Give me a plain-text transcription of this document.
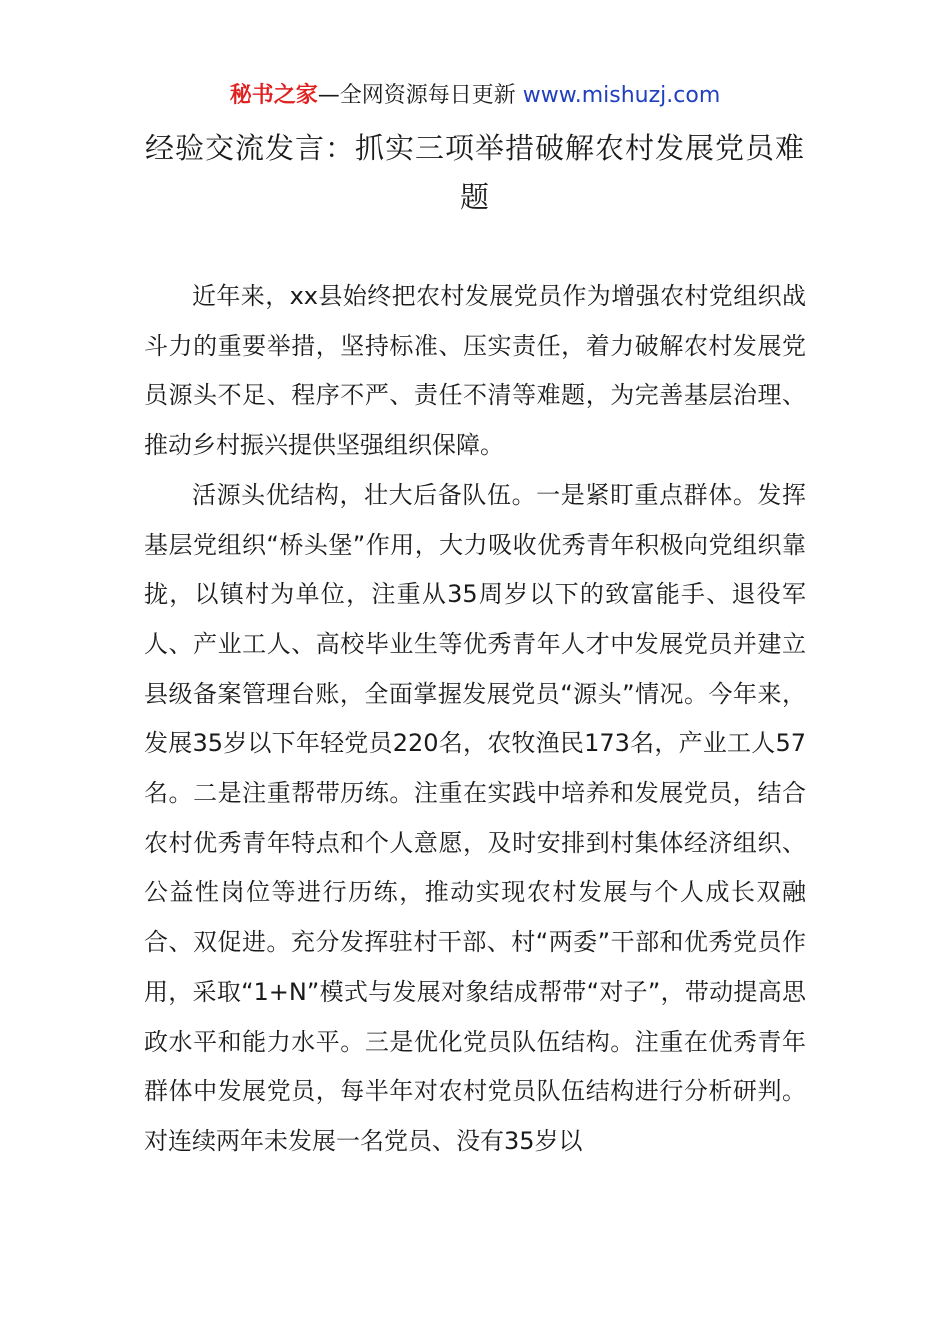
秘书之家—全网资源每日更新 www.mishuzj.com
经验交流发言：抓实三项举措破解农村发展党员难题

近年来，xx县始终把农村发展党员作为增强农村党组织战斗力的重要举措，坚持标准、压实责任，着力破解农村发展党员源头不足、程序不严、责任不清等难题，为完善基层治理、推动乡村振兴提供坚强组织保障。

活源头优结构，壮大后备队伍。一是紧盯重点群体。发挥基层党组织“桥头堡”作用，大力吸收优秀青年积极向党组织靠拢，以镇村为单位，注重从35周岁以下的致富能手、退役军人、产业工人、高校毕业生等优秀青年人才中发展党员并建立县级备案管理台账，全面掌握发展党员“源头”情况。今年来，发展35岁以下年轻党员220名，农牧渔民173名，产业工人57名。二是注重帮带历练。注重在实践中培养和发展党员，结合农村优秀青年特点和个人意愿，及时安排到村集体经济组织、公益性岗位等进行历练，推动实现农村发展与个人成长双融合、双促进。充分发挥驻村干部、村“两委”干部和优秀党员作用，采取“1+N”模式与发展对象结成帮带“对子”，带动提高思政水平和能力水平。三是优化党员队伍结构。注重在优秀青年群体中发展党员，每半年对农村党员队伍结构进行分析研判。对连续两年未发展一名党员、没有35岁以
